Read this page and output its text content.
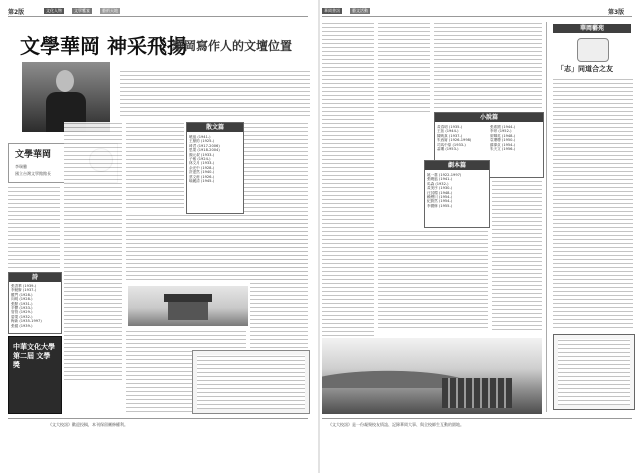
第2版	文化人物	文學饗宴	藝術天地
文學華岡 神采飛揚
華岡寫作人的文壇位置
文學華岡
李瑞騰
國立台灣文學館館長
詩
張香華 (1939-)
李魁賢 (1937-)
羅門 (1928-)
向明 (1928-)
張默 (1931-)
辛鬱 (1933-)
管管 (1929-)
碧果 (1932-)
梅新 (1935-1997)
張健 (1939-)
散文篇
曉風 (1941-)
王鼎鈞 (1925-)
琦君 (1917-2006)
思果 (1918-2004)
顏元叔 (1933-)
子敏 (1924-)
林文月 (1933-)
余光中 (1928-)
許達然 (1940-)
蔡文甫 (1926-)
喻麗清 (1945-)
中華文化大學 第二屆 文學獎
《文大校訊》歡迎投稿，本刊保留刪修權利。
華岡書訊	藝文活動	第3版
小說篇
黃春明 (1935-)
王拓 (1944-)
陳映真 (1937-)
朱西甯 (1926-1998)
司馬中原 (1933-)
蕭颯 (1953-)
張系國 (1944-)
李昂 (1952-)
廖輝英 (1948-)
袁瓊瓊 (1950-)
蘇偉貞 (1954-)
朱天文 (1956-)
劇本篇
姚一葦 (1922-1997)
張曉風 (1941-)
馬森 (1932-)
黃美序 (1930-)
汪其楣 (1948-)
賴聲川 (1954-)
紀蔚然 (1954-)
李國修 (1955-)
華岡藝苑
「志」同道合之友
《文大校訊》是一份凝聚校友情誼、記錄華岡大事、與全校師生互動的園地。
